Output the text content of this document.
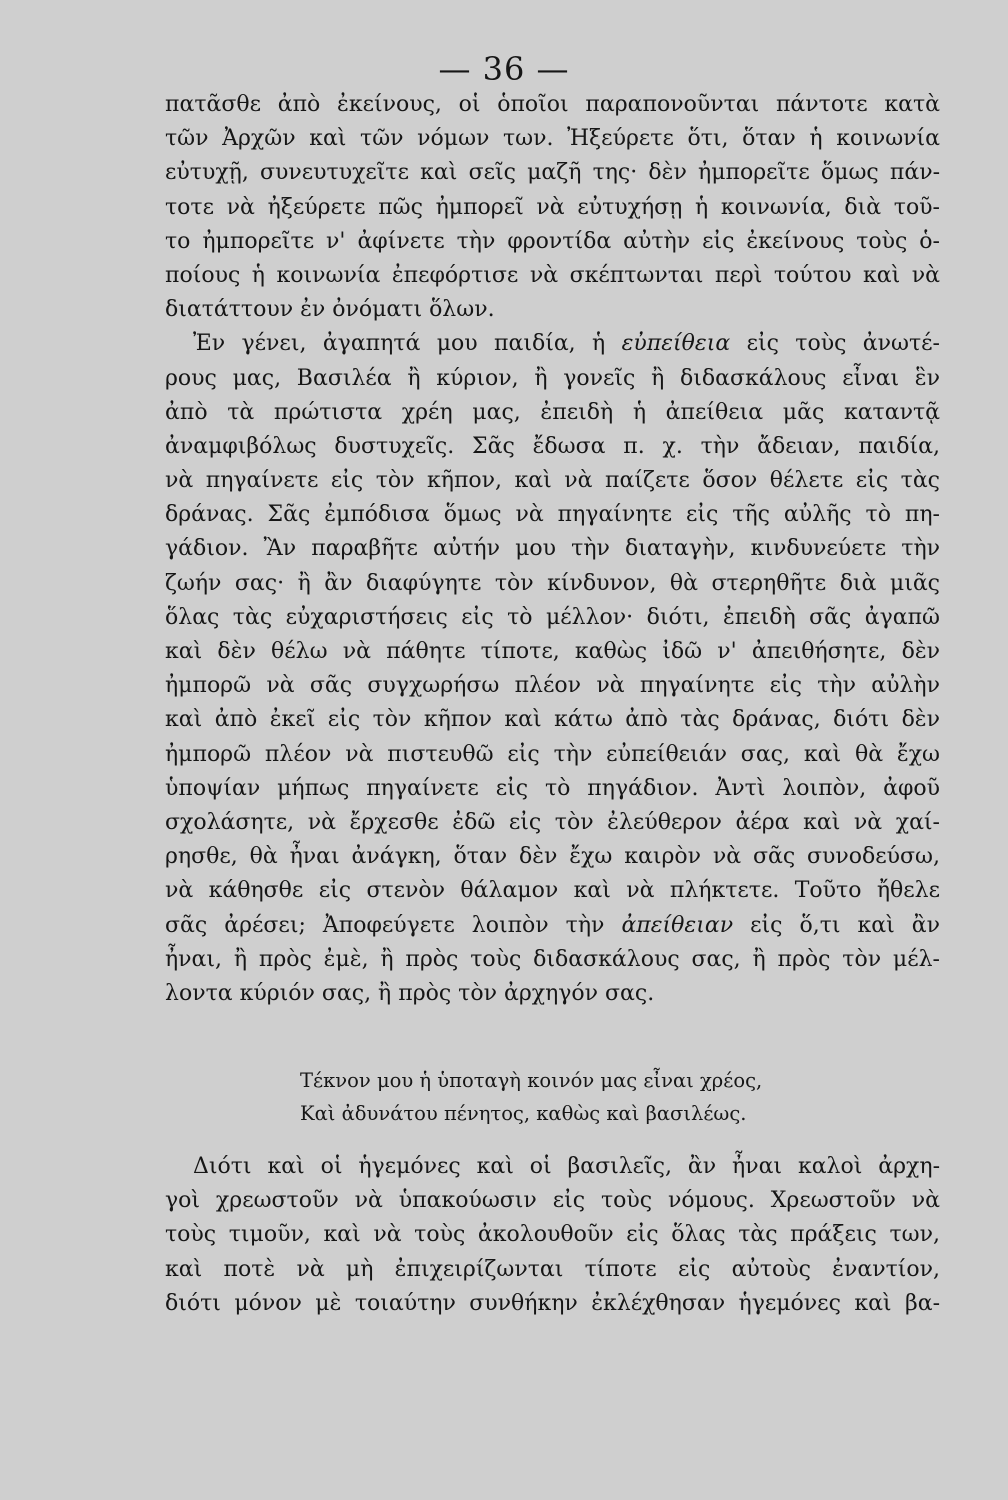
— 36 —
πατᾶσθε ἀπὸ ἐκείνους, οἱ ὁποῖοι παραπονοῦνται πάντοτε κατὰ
τῶν Ἀρχῶν καὶ τῶν νόμων των. Ἠξεύρετε ὅτι, ὅταν ἡ κοινωνία
εὐτυχῇ, συνευτυχεῖτε καὶ σεῖς μαζῆ της· δὲν ἠμπορεῖτε ὅμως πάν-
τοτε νὰ ἠξεύρετε πῶς ἠμπορεῖ νὰ εὐτυχήσῃ ἡ κοινωνία, διὰ τοῦ-
το ἠμπορεῖτε ν' ἀφίνετε τὴν φροντίδα αὐτὴν εἰς ἐκείνους τοὺς ὁ-
ποίους ἡ κοινωνία ἐπεφόρτισε νὰ σκέπτωνται περὶ τούτου καὶ νὰ
διατάττουν ἐν ὀνόματι ὅλων.
Ἐν γένει, ἀγαπητά μου παιδία, ἡ εὐπείθεια εἰς τοὺς ἀνωτέ-
ρους μας, Βασιλέα ἢ κύριον, ἢ γονεῖς ἢ διδασκάλους εἶναι ἓν
ἀπὸ τὰ πρώτιστα χρέη μας, ἐπειδὴ ἡ ἀπείθεια μᾶς καταντᾷ
ἀναμφιβόλως δυστυχεῖς. Σᾶς ἔδωσα π. χ. τὴν ἄδειαν, παιδία,
νὰ πηγαίνετε εἰς τὸν κῆπον, καὶ νὰ παίζετε ὅσον θέλετε εἰς τὰς
δράνας. Σᾶς ἐμπόδισα ὅμως νὰ πηγαίνητε εἰς τῆς αὐλῆς τὸ πη-
γάδιον. Ἂν παραβῆτε αὐτήν μου τὴν διαταγὴν, κινδυνεύετε τὴν
ζωήν σας· ἢ ἂν διαφύγητε τὸν κίνδυνον, θὰ στερηθῆτε διὰ μιᾶς
ὅλας τὰς εὐχαριστήσεις εἰς τὸ μέλλον· διότι, ἐπειδὴ σᾶς ἀγαπῶ
καὶ δὲν θέλω νὰ πάθητε τίποτε, καθὼς ἰδῶ ν' ἀπειθήσητε, δὲν
ἠμπορῶ νὰ σᾶς συγχωρήσω πλέον νὰ πηγαίνητε εἰς τὴν αὐλὴν
καὶ ἀπὸ ἐκεῖ εἰς τὸν κῆπον καὶ κάτω ἀπὸ τὰς δράνας, διότι δὲν
ἠμπορῶ πλέον νὰ πιστευθῶ εἰς τὴν εὐπείθειάν σας, καὶ θὰ ἔχω
ὑποψίαν μήπως πηγαίνετε εἰς τὸ πηγάδιον. Ἀντὶ λοιπὸν, ἀφοῦ
σχολάσητε, νὰ ἔρχεσθε ἐδῶ εἰς τὸν ἐλεύθερον ἀέρα καὶ νὰ χαί-
ρησθε, θὰ ἦναι ἀνάγκη, ὅταν δὲν ἔχω καιρὸν νὰ σᾶς συνοδεύσω,
νὰ κάθησθε εἰς στενὸν θάλαμον καὶ νὰ πλήκτετε. Τοῦτο ἤθελε
σᾶς ἀρέσει; Ἀποφεύγετε λοιπὸν τὴν ἀπείθειαν εἰς ὅ,τι καὶ ἂν
ἦναι, ἢ πρὸς ἐμὲ, ἢ πρὸς τοὺς διδασκάλους σας, ἢ πρὸς τὸν μέλ-
λοντα κύριόν σας, ἢ πρὸς τὸν ἀρχηγόν σας.
Τέκνον μου ἡ ὑποταγὴ κοινόν μας εἶναι χρέος,
Καὶ ἀδυνάτου πένητος, καθὼς καὶ βασιλέως.
Διότι καὶ οἱ ἡγεμόνες καὶ οἱ βασιλεῖς, ἂν ἦναι καλοὶ ἀρχη-
γοὶ χρεωστοῦν νὰ ὑπακούωσιν εἰς τοὺς νόμους. Χρεωστοῦν νὰ
τοὺς τιμοῦν, καὶ νὰ τοὺς ἀκολουθοῦν εἰς ὅλας τὰς πράξεις των,
καὶ ποτὲ νὰ μὴ ἐπιχειρίζωνται τίποτε εἰς αὐτοὺς ἐναντίον,
διότι μόνον μὲ τοιαύτην συνθήκην ἐκλέχθησαν ἡγεμόνες καὶ βα-
